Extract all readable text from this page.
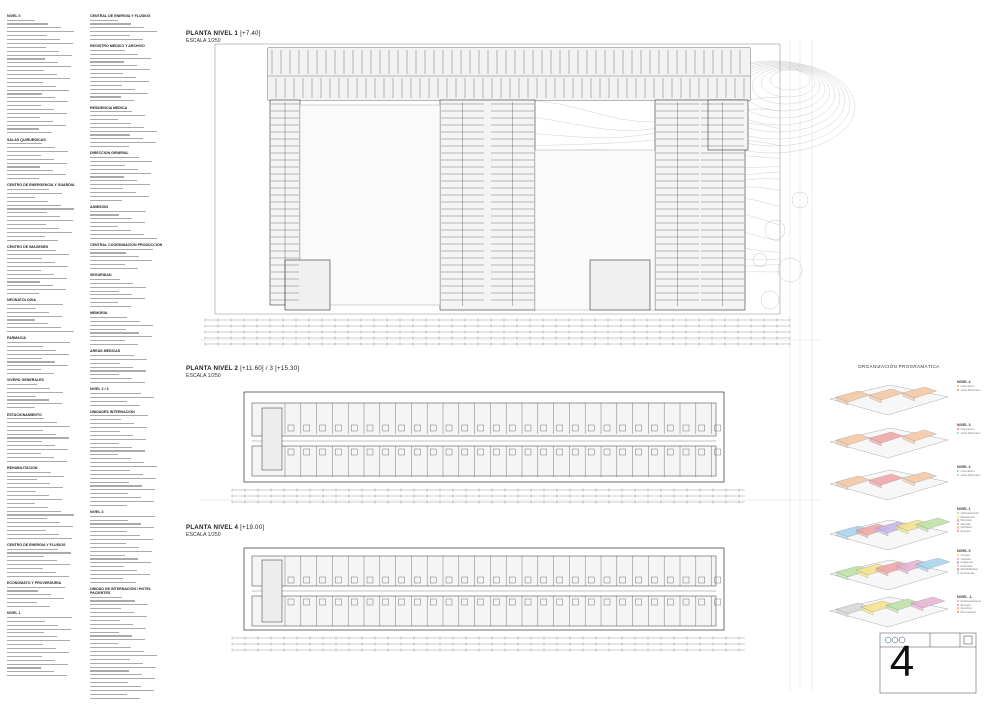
NIVEL 0
SALAS QUIRURGICAS
CENTRO DE EMERGENCIA Y GUARDIA
CENTRO DE IMAGENES
NEONATOLOGIA
FARMACIA
VIVERO GENERALES
ESTACIONAMIENTO
REHABILITACION
CENTRO DE ENERGIA Y FLUIDOS
ECONOMATO Y PROVEEDURIA
NIVEL 1
CENTRAL DE ENERGIA Y FLUIDOS
REGISTRO MEDICO Y ARCHIVO
RESIDENCIA MEDICA
DIRECCION GENERAL
ADMISION
CENTRAL COORDINACION PRODUCCION
SEGURIDAD
MEMORIA
AREAS MEDICAS
NIVEL 2 / 3
UNIDADES INTERNACION
NIVEL 4
UNIDAD DE INTERNACION / HOTEL PACIENTES
PLANTA NIVEL 1 [+7.40]
ESCALA 1/250
PLANTA NIVEL 2 [+11.60] / 3 [+15.30]
ESCALA 1/250
PLANTA NIVEL 4 [+19.00]
ESCALA 1/250
ORGANIZACIÓN PROGRAMÁTICA
NIVEL 4
Internación
Hotel Pacientes
NIVEL 3
Internación
Hotel Pacientes
NIVEL 2
Internación
Hotel Pacientes
NIVEL 1
Administración
Residencia
Dirección
Registro
Admisión
Energía
NIVEL 0
Cirugía
Guardia
Imágenes
Farmacia
Rehabilitación
Economato
NIVEL -1
Estacionamiento
Energía
Servicios
Proveeduría
4
